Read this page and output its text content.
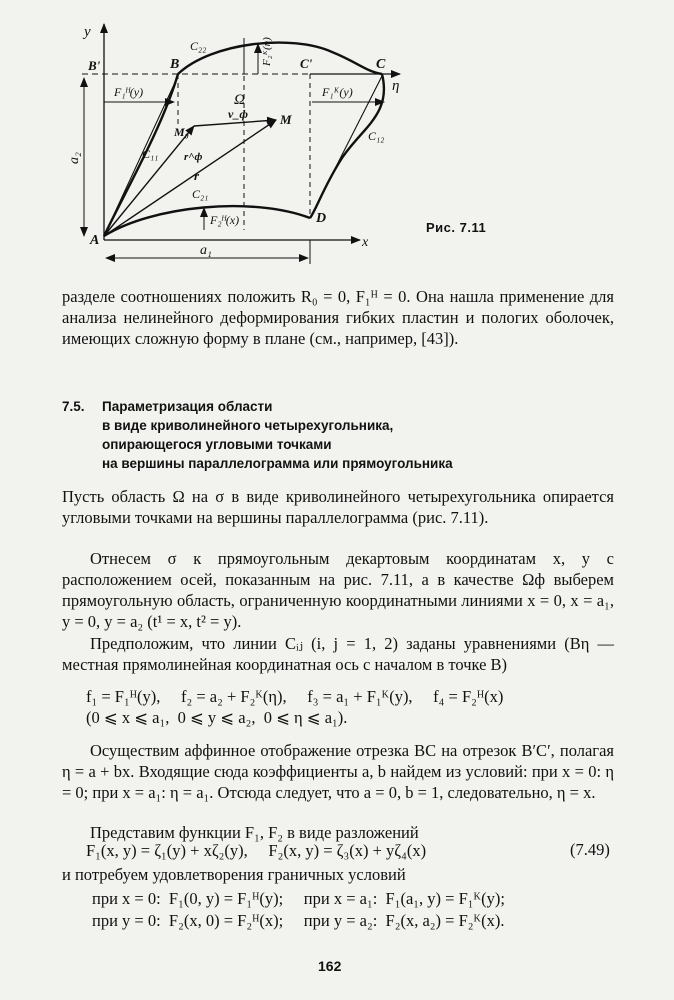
y
x
η
B'	B	C'	C
A
D
C₂₂
C₁₁
C₁₂
C₂₁
Ω
M
M₀
v_ф
r^ф
r
F₁ᴴ(y)	F₁ᴷ(y)
F₂ᴴ(x)
F₂ᴷ(η)
a₁
a₂
Рис. 7.11
разделе соотношениях положить R₀ = 0, F₁ᴴ = 0. Она нашла применение для анализа нелинейного деформирования гибких пластин и пологих оболочек, имеющих сложную форму в плане (см., например, [43]).
7.5. Параметризация области
в виде криволинейного четырехугольника,
опирающегося угловыми точками
на вершины параллелограмма или прямоугольника
Пусть область Ω на σ в виде криволинейного четырехугольника опирается угловыми точками на вершины параллелограмма (рис. 7.11).
Отнесем σ к прямоугольным декартовым координатам x, y с расположением осей, показанным на рис. 7.11, а в качестве Ωф выберем прямоугольную область, ограниченную координатными линиями x = 0, x = a₁, y = 0, y = a₂ (t¹ = x, t² = y).
Предположим, что линии Cᵢⱼ (i, j = 1, 2) заданы уравнениями (Bη — местная прямолинейная координатная ось с началом в точке B)
f₁ = F₁ᴴ(y),     f₂ = a₂ + F₂ᴷ(η),     f₃ = a₁ + F₁ᴷ(y),     f₄ = F₂ᴴ(x)
(0 ⩽ x ⩽ a₁,  0 ⩽ y ⩽ a₂,  0 ⩽ η ⩽ a₁).
Осуществим аффинное отображение отрезка BC на отрезок B′C′, полагая η = a + bx. Входящие сюда коэффициенты a, b найдем из условий: при x = 0: η = 0; при x = a₁: η = a₁. Отсюда следует, что a = 0, b = 1, следовательно, η = x.
Представим функции F₁, F₂ в виде разложений
F₁(x, y) = ζ₁(y) + xζ₂(y),     F₂(x, y) = ζ₃(x) + yζ₄(x)	(7.49)
и потребуем удовлетворения граничных условий
при x = 0:  F₁(0, y) = F₁ᴴ(y);     при x = a₁:  F₁(a₁, y) = F₁ᴷ(y);
при y = 0:  F₂(x, 0) = F₂ᴴ(x);     при y = a₂:  F₂(x, a₂) = F₂ᴷ(x).
162
